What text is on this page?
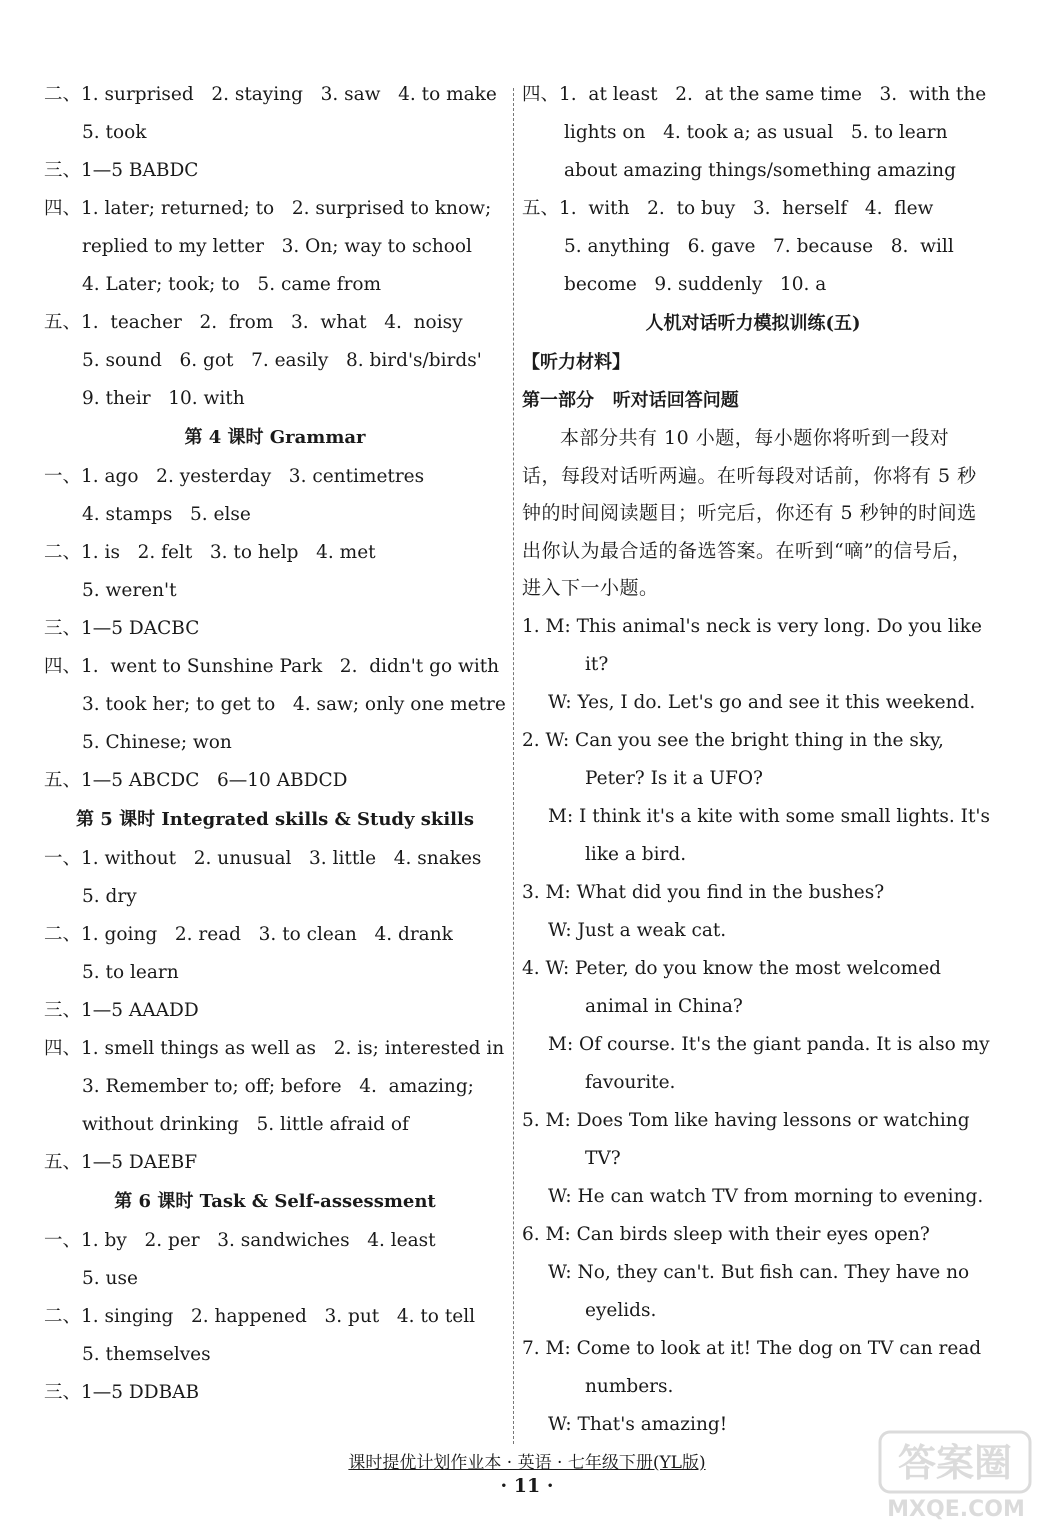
二、1. surprised   2. staying   3. saw   4. to make
5. took
三、1—5 BABDC
四、1. later; returned; to   2. surprised to know;
replied to my letter   3. On; way to school
4. Later; took; to   5. came from
五、1.  teacher   2.  from   3.  what   4.  noisy
5. sound   6. got   7. easily   8. bird's/birds'
9. their   10. with
第 4 课时 Grammar
一、1. ago   2. yesterday   3. centimetres
4. stamps   5. else
二、1. is   2. felt   3. to help   4. met
5. weren't
三、1—5 DACBC
四、1.  went to Sunshine Park   2.  didn't go with
3. took her; to get to   4. saw; only one metre
5. Chinese; won
五、1—5 ABCDC   6—10 ABDCD
第 5 课时 Integrated skills & Study skills
一、1. without   2. unusual   3. little   4. snakes
5. dry
二、1. going   2. read   3. to clean   4. drank
5. to learn
三、1—5 AAADD
四、1. smell things as well as   2. is; interested in
3. Remember to; off; before   4.  amazing;
without drinking   5. little afraid of
五、1—5 DAEBF
第 6 课时 Task & Self-assessment
一、1. by   2. per   3. sandwiches   4. least
5. use
二、1. singing   2. happened   3. put   4. to tell
5. themselves
三、1—5 DDBAB
四、1.  at least   2.  at the same time   3.  with the
lights on   4. took a; as usual   5. to learn
about amazing things/something amazing
五、1.  with   2.  to buy   3.  herself   4.  flew
5. anything   6. gave   7. because   8.  will
become   9. suddenly   10. a
人机对话听力模拟训练(五)
【听力材料】
第一部分   听对话回答问题
本部分共有 10 小题，每小题你将听到一段对话，每段对话听两遍。在听每段对话前，你将有 5 秒钟的时间阅读题目；听完后，你还有 5 秒钟的时间选出你认为最合适的备选答案。在听到“嘀”的信号后，进入下一小题。
1. M: This animal's neck is very long. Do you like
it?
W: Yes, I do. Let's go and see it this weekend.
2. W: Can you see the bright thing in the sky,
Peter? Is it a UFO?
M: I think it's a kite with some small lights. It's
like a bird.
3. M: What did you find in the bushes?
W: Just a weak cat.
4. W: Peter, do you know the most welcomed
animal in China?
M: Of course. It's the giant panda. It is also my
favourite.
5. M: Does Tom like having lessons or watching
TV?
W: He can watch TV from morning to evening.
6. M: Can birds sleep with their eyes open?
W: No, they can't. But fish can. They have no
eyelids.
7. M: Come to look at it! The dog on TV can read
numbers.
W: That's amazing!
课时提优计划作业本 · 英语 · 七年级下册(YL版)
· 11 ·
答案圈
MXQE.COM
